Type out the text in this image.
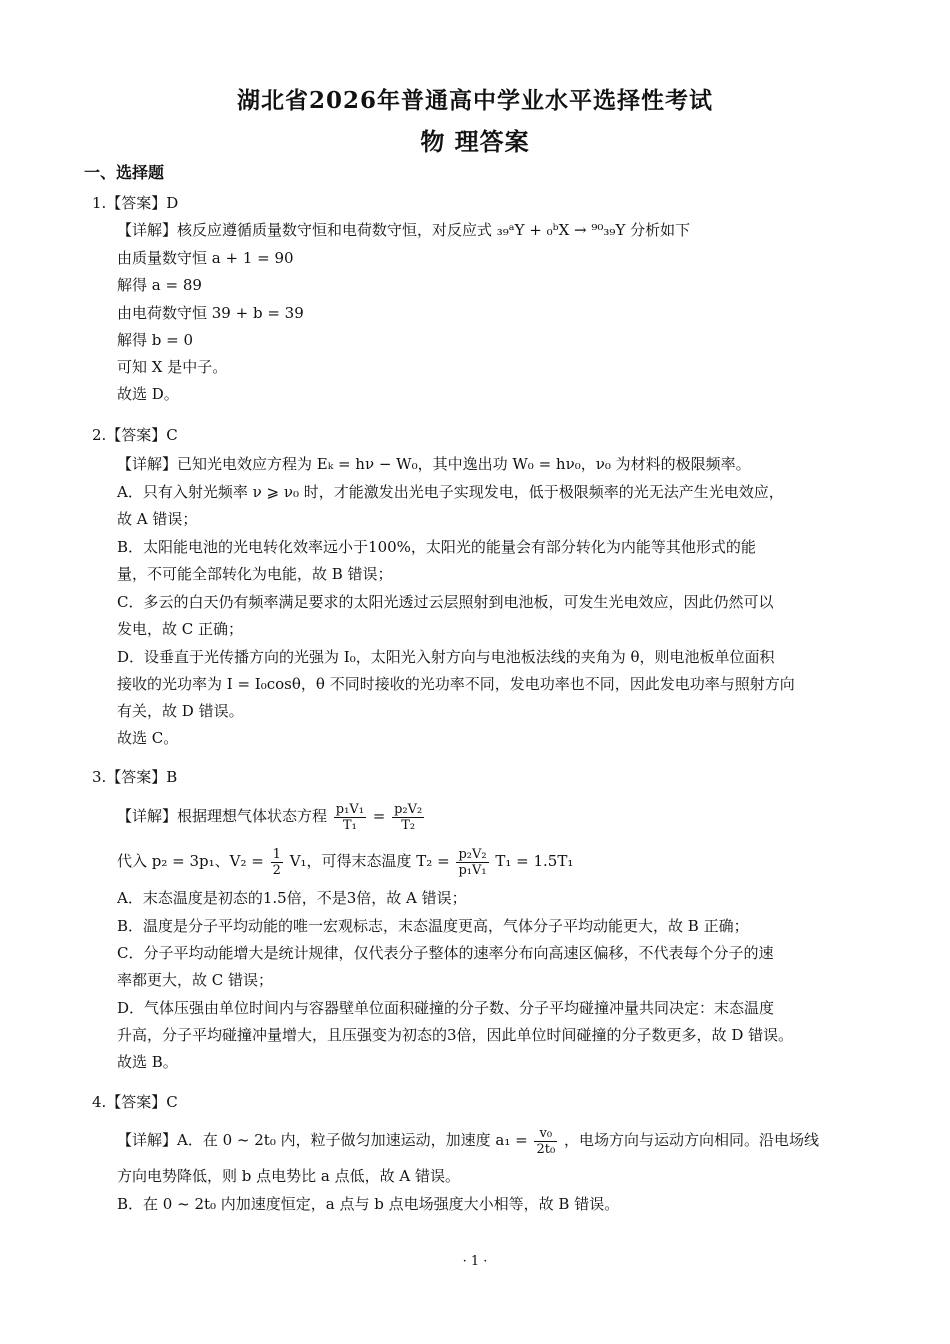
湖北省2026年普通高中学业水平选择性考试
物 理答案
一、选择题
1.【答案】D
【详解】核反应遵循质量数守恒和电荷数守恒，对反应式 ₃₉ᵃY + ₀ᵇX → ⁹⁰₃₉Y 分析如下
由质量数守恒 a + 1 = 90
解得 a = 89
由电荷数守恒 39 + b = 39
解得 b = 0
可知 X 是中子。
故选 D。
2.【答案】C
【详解】已知光电效应方程为 Eₖ = hν − W₀，其中逸出功 W₀ = hν₀，ν₀ 为材料的极限频率。
A．只有入射光频率 ν ⩾ ν₀ 时，才能激发出光电子实现发电，低于极限频率的光无法产生光电效应，
故 A 错误；
B．太阳能电池的光电转化效率远小于100%，太阳光的能量会有部分转化为内能等其他形式的能
量，不可能全部转化为电能，故 B 错误；
C．多云的白天仍有频率满足要求的太阳光透过云层照射到电池板，可发生光电效应，因此仍然可以
发电，故 C 正确；
D．设垂直于光传播方向的光强为 I₀，太阳光入射方向与电池板法线的夹角为 θ，则电池板单位面积
接收的光功率为 I = I₀cosθ，θ 不同时接收的光功率不同，发电功率也不同，因此发电功率与照射方向
有关，故 D 错误。
故选 C。
3.【答案】B
【详解】根据理想气体状态方程 $\frac{\text{p₁V₁}}{\text{T₁}} = \frac{\text{p₂V₂}}{\text{T₂}}$
代入 p₂ = 3p₁、$V_2 = \frac{1}{2} V_1$，可得末态温度 $T_2 = \frac{\text{p₂V₂}}{\text{p₁V₁}} T_1 = 1.5T_1$
A．末态温度是初态的1.5倍，不是3倍，故 A 错误；
B．温度是分子平均动能的唯一宏观标志，末态温度更高，气体分子平均动能更大，故 B 正确；
C．分子平均动能增大是统计规律，仅代表分子整体的速率分布向高速区偏移，不代表每个分子的速
率都更大，故 C 错误；
D．气体压强由单位时间内与容器壁单位面积碰撞的分子数、分子平均碰撞冲量共同决定：末态温度
升高，分子平均碰撞冲量增大，且压强变为初态的3倍，因此单位时间碰撞的分子数更多，故 D 错误。
故选 B。
4.【答案】C
【详解】A．在 0 ~ 2t₀ 内，粒子做匀加速运动，加速度 $a_1 = \frac{\text{v₀}}{\text{2t₀}}$ ，电场方向与运动方向相同。沿电场线
方向电势降低，则 b 点电势比 a 点低，故 A 错误。
B．在 0 ~ 2t₀ 内加速度恒定，a 点与 b 点电场强度大小相等，故 B 错误。
· 1 ·
